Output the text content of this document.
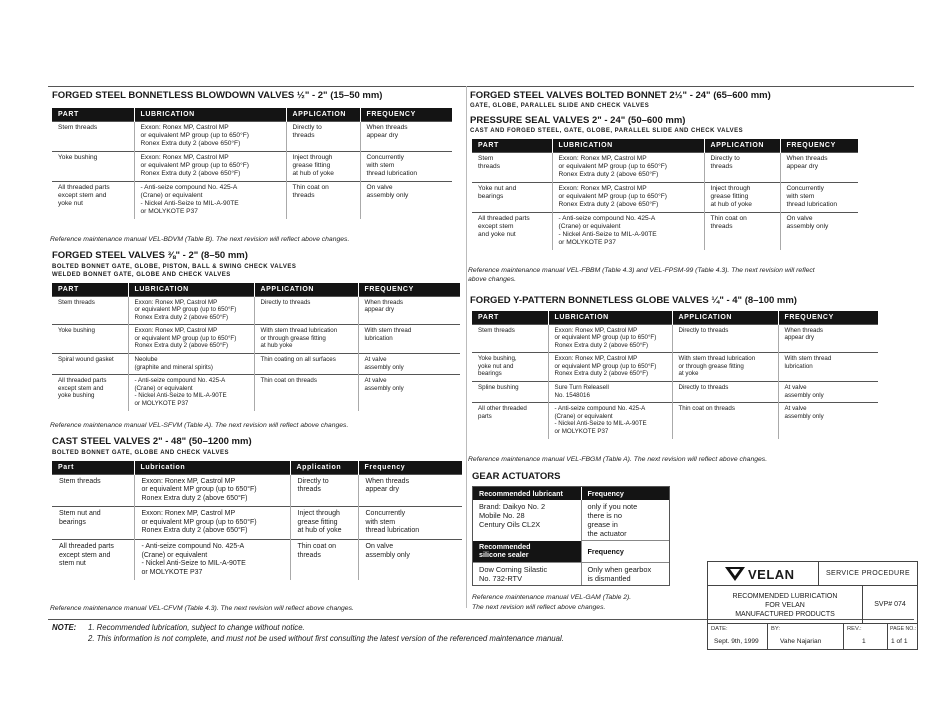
FORGED STEEL BONNETLESS BLOWDOWN VALVES ½" - 2" (15–50 mm)
PART	LUBRICATION	APPLICATION	FREQUENCY
Stem threads	Exxon: Ronex MP, Castrol MP
or equivalent MP group (up to 650°F)
Ronex Extra duty 2 (above 650°F)	Directly to
threads	When threads
appear dry
Yoke bushing	Exxon: Ronex MP, Castrol MP
or equivalent MP group (up to 650°F)
Ronex Extra duty 2 (above 650°F)	Inject through
grease fitting
at hub of yoke	Concurrently
with stem
thread lubrication
All threaded parts
except stem and
yoke nut	- Anti-seize compound No. 425-A
(Crane) or equivalent
- Nickel Anti-Seize to MIL-A-90TE
or MOLYKOTE P37	Thin coat on
threads	On valve
assembly only
Reference maintenance manual VEL-BDVM (Table B). The next revision will reflect above changes.
FORGED STEEL VALVES ⅜" - 2" (8–50 mm)
BOLTED BONNET GATE, GLOBE, PISTON, BALL & SWING CHECK VALVES
WELDED BONNET GATE, GLOBE AND CHECK VALVES
PART	LUBRICATION	APPLICATION	FREQUENCY
Stem threads	Exxon: Ronex MP, Castrol MP
or equivalent MP group (up to 650°F)
Ronex Extra duty 2 (above 650°F)	Directly to threads	When threads
appear dry
Yoke bushing	Exxon: Ronex MP, Castrol MP
or equivalent MP group (up to 650°F)
Ronex Extra duty 2 (above 650°F)	With stem thread lubrication
or through grease fitting
at hub yoke	With stem thread
lubrication
Spiral wound gasket	Neolube
(graphite and mineral spirits)	Thin coating on all surfaces	At valve
assembly only
All threaded parts
except stem and
yoke bushing	- Anti-seize compound No. 425-A
(Crane) or equivalent
- Nickel Anti-Seize to MIL-A-90TE
or MOLYKOTE P37	Thin coat on threads	At valve
assembly only
Reference maintenance manual VEL-SFVM (Table A). The next revision will reflect above changes.
CAST STEEL VALVES 2" - 48" (50–1200 mm)
BOLTED BONNET GATE, GLOBE AND CHECK VALVES
Part	Lubrication	Application	Frequency
Stem threads	Exxon: Ronex MP, Castrol MP
or equivalent MP group (up to 650°F)
Ronex Extra duty 2 (above 650°F)	Directly to
threads	When threads
appear dry
Stem nut and
bearings	Exxon: Ronex MP, Castrol MP
or equivalent MP group (up to 650°F)
Ronex Extra duty 2 (above 650°F)	Inject through
grease fitting
at hub of yoke	Concurrently
with stem
thread lubrication
All threaded parts
except stem and
stem nut	- Anti-seize compound No. 425-A
(Crane) or equivalent
- Nickel Anti-Seize to MIL-A-90TE
or MOLYKOTE P37	Thin coat on
threads	On valve
assembly only
Reference maintenance manual VEL-CFVM (Table 4.3). The next revision will reflect above changes.
FORGED STEEL VALVES BOLTED BONNET 2½" - 24" (65–600 mm)
GATE, GLOBE, PARALLEL SLIDE AND CHECK VALVES
PRESSURE SEAL VALVES 2" - 24" (50–600 mm)
CAST AND FORGED STEEL, GATE, GLOBE, PARALLEL SLIDE AND CHECK VALVES
PART	LUBRICATION	APPLICATION	FREQUENCY
Stem
threads	Exxon: Ronex MP, Castrol MP
or equivalent MP group (up to 650°F)
Ronex Extra duty 2 (above 650°F)	Directly to
threads	When threads
appear dry
Yoke nut and
bearings	Exxon: Ronex MP, Castrol MP
or equivalent MP group (up to 650°F)
Ronex Extra duty 2 (above 650°F)	Inject through
grease fitting
at hub of yoke	Concurrently
with stem
thread lubrication
All threaded parts
except stem
and yoke nut	- Anti-seize compound No. 425-A
(Crane) or equivalent
- Nickel Anti-Seize to MIL-A-90TE
or MOLYKOTE P37	Thin coat on
threads	On valve
assembly only
Reference maintenance manual VEL-FBBM (Table 4.3) and VEL-FPSM-99 (Table 4.3). The next revision will reflect
above changes.
FORGED Y-PATTERN BONNETLESS GLOBE VALVES ¼" - 4" (8–100 mm)
PART	LUBRICATION	APPLICATION	FREQUENCY
Stem threads	Exxon: Ronex MP, Castrol MP
or equivalent MP group (up to 650°F)
Ronex Extra duty 2 (above 650°F)	Directly to threads	When threads
appear dry
Yoke bushing,
yoke nut and
bearings	Exxon: Ronex MP, Castrol MP
or equivalent MP group (up to 650°F)
Ronex Extra duty 2 (above 650°F)	With stem thread lubrication
or through grease fitting
at yoke	With stem thread
lubrication
Spline bushing	Sure Turn Releasell
No. 1548016	Directly to threads	At valve
assembly only
All other threaded
parts	- Anti-seize compound No. 425-A
(Crane) or equivalent
- Nickel Anti-Seize to MIL-A-90TE
or MOLYKOTE P37	Thin coat on threads	At valve
assembly only
Reference maintenance manual VEL-FBGM (Table A). The next revision will reflect above changes.
GEAR ACTUATORS
Recommended lubricant	Frequency
Brand: Daikyo No. 2
Mobile No. 28
Century Oils CL2X	only if you note
there is no
grease in
the actuator
Recommended
silicone sealer	Frequency
Dow Corning Silastic
No. 732-RTV	Only when gearbox
is dismantled
Reference maintenance manual VEL-GAM (Table 2).
The next revision will reflect above changes.
VELAN	SERVICE PROCEDURE
RECOMMENDED LUBRICATION
FOR VELAN
MANUFACTURED PRODUCTS
SVP# 074
DATE:
Sept. 9th, 1999
BY:
Vahe Najarian
REV.:
1
PAGE NO.:
1 of 1
NOTE: 1. Recommended lubrication, subject to change without notice.
2. This information is not complete, and must not be used without first consulting the latest version of the referenced maintenance manual.
